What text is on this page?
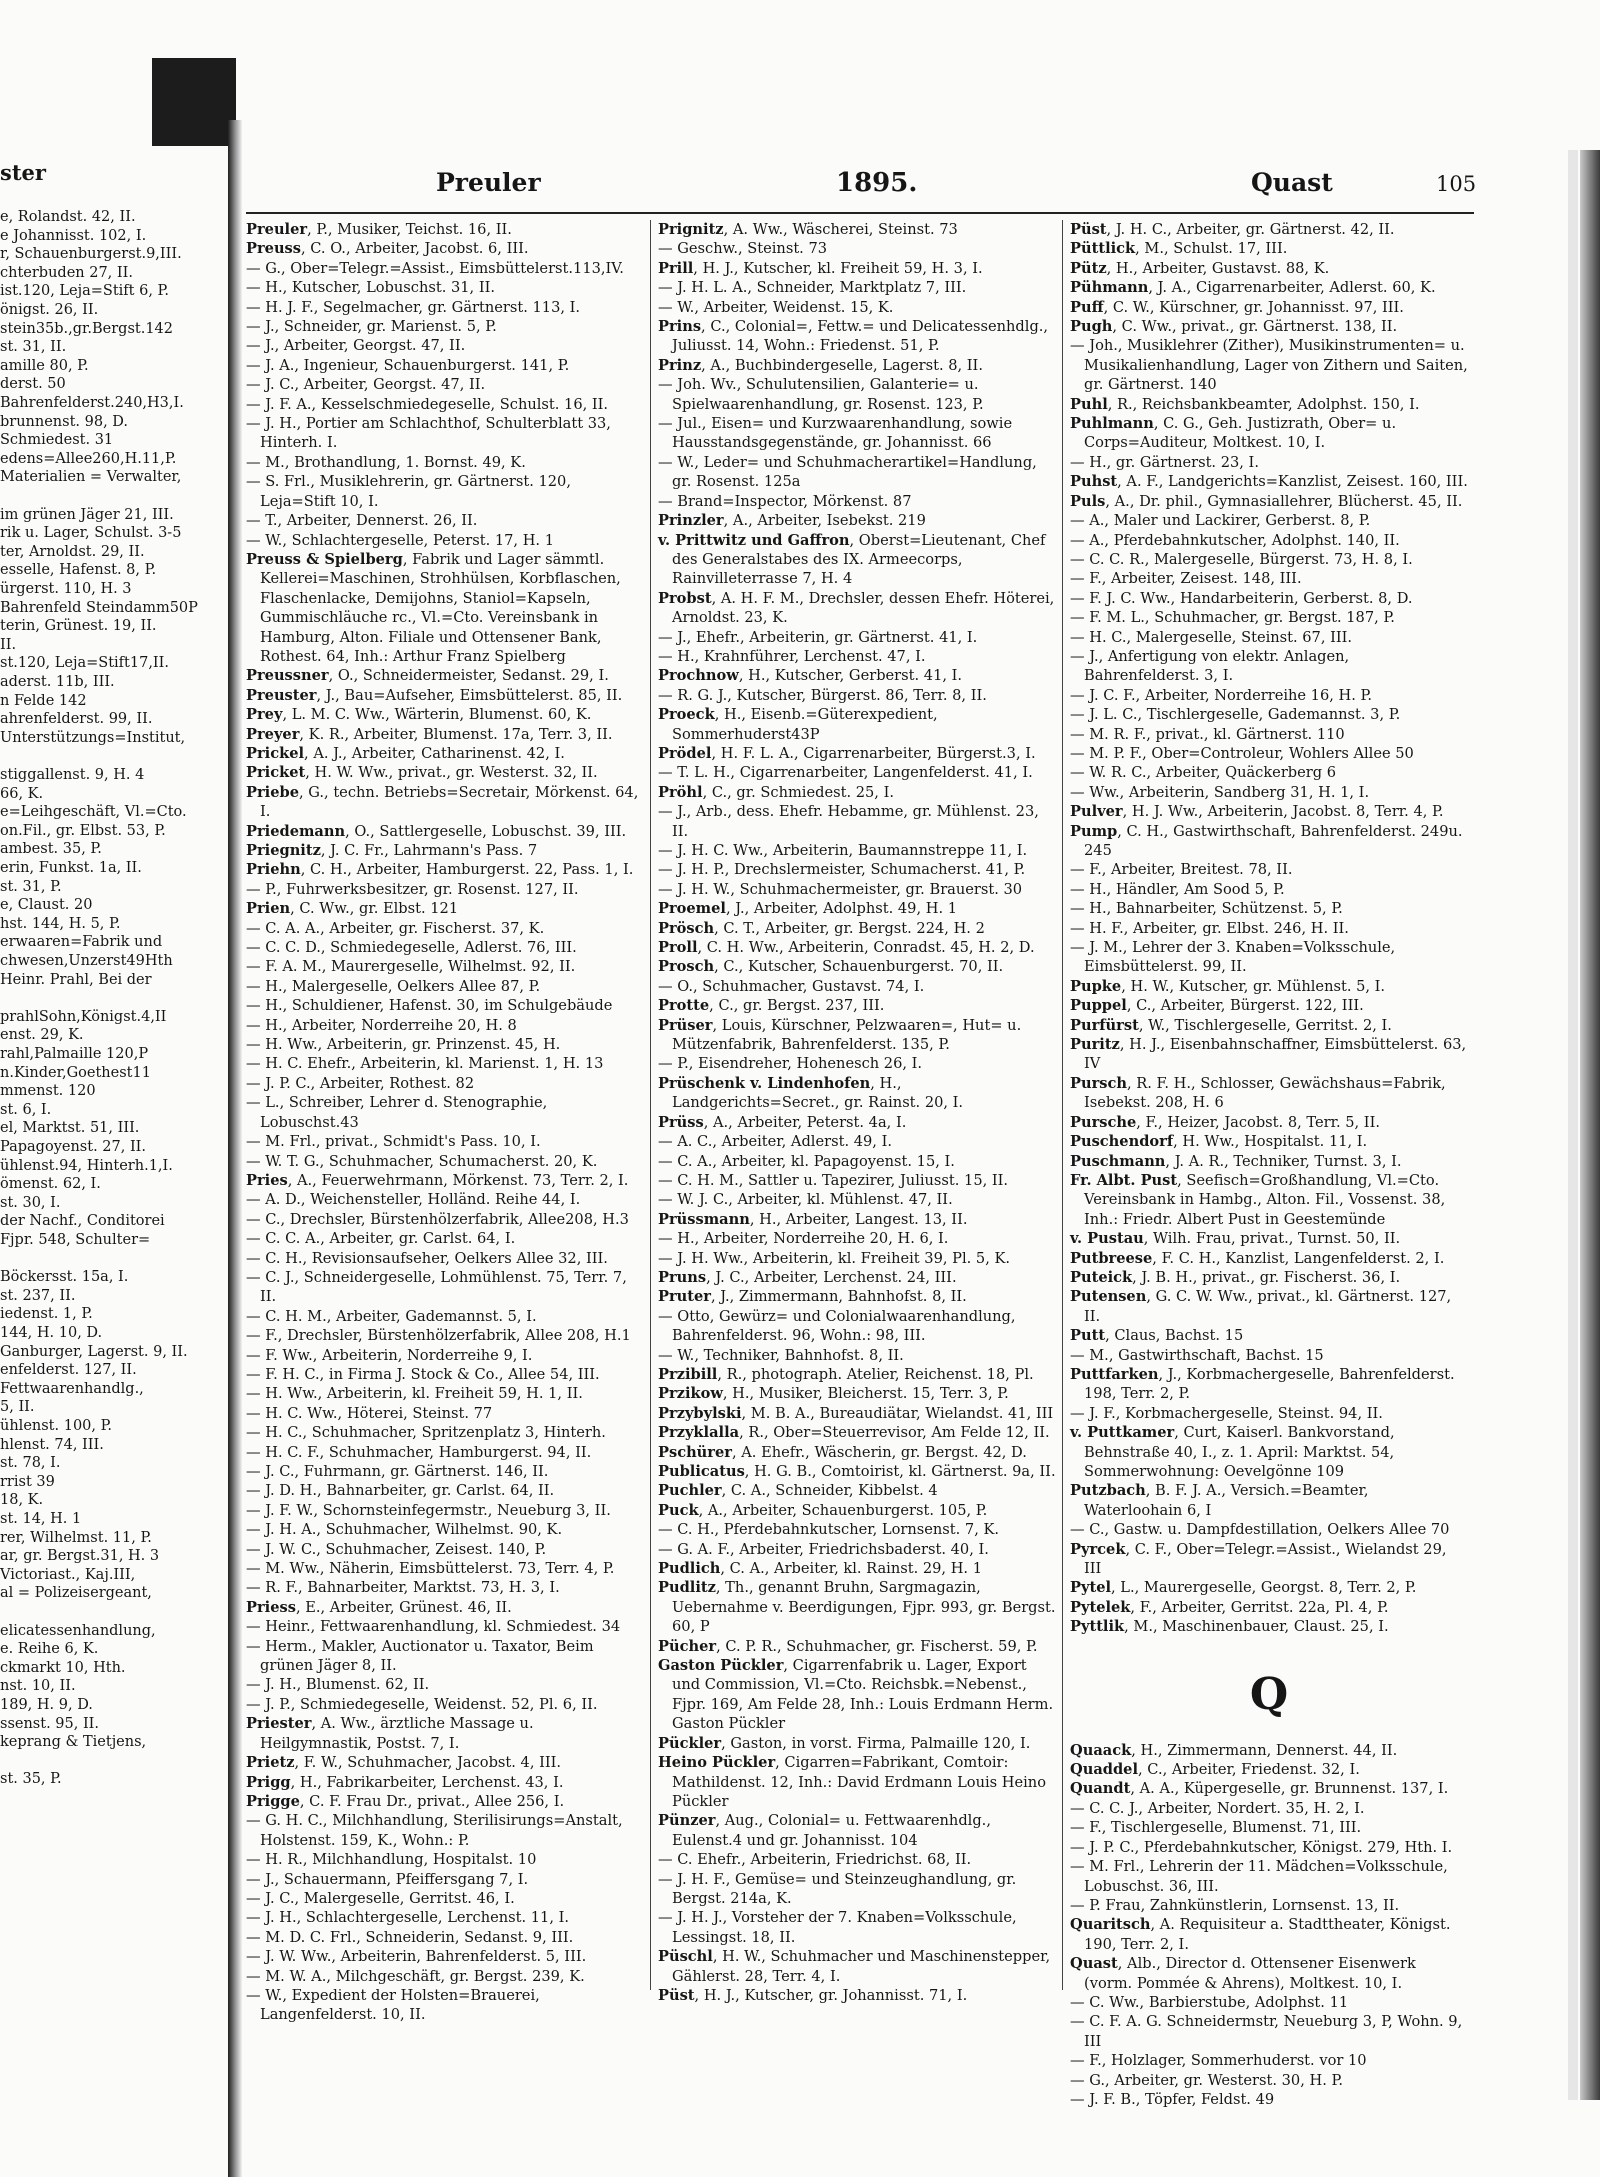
ster
e, Rolandst. 42, II.
e Johannisst. 102, I.
r, Schauenburgerst.9,III.
chterbuden 27, II.
ist.120, Leja=Stift 6, P.
önigst. 26, II.
stein35b.,gr.Bergst.142
st. 31, II.
amille 80, P.
derst. 50
Bahrenfelderst.240,H3,I.
brunnenst. 98, D.
Schmiedest. 31
edens=Allee260,H.11,P.
Materialien = Verwalter,
im grünen Jäger 21, III.
rik u. Lager, Schulst. 3-5
ter, Arnoldst. 29, II.
esselle, Hafenst. 8, P.
ürgerst. 110, H. 3
Bahrenfeld Steindamm50P
terin, Grünest. 19, II.
II.
st.120, Leja=Stift17,II.
aderst. 11b, III.
n Felde 142
ahrenfelderst. 99, II.
Unterstützungs=Institut,
stiggallenst. 9, H. 4
66, K.
e=Leihgeschäft, Vl.=Cto.
on.Fil., gr. Elbst. 53, P.
ambest. 35, P.
erin, Funkst. 1a, II.
st. 31, P.
e, Claust. 20
hst. 144, H. 5, P.
erwaaren=Fabrik und
chwesen,Unzerst49Hth
Heinr. Prahl, Bei der
prahlSohn,Königst.4,II
enst. 29, K.
rahl,Palmaille 120,P
n.Kinder,Goethest11
mmenst. 120
st. 6, I.
el, Marktst. 51, III.
Papagoyenst. 27, II.
ühlenst.94, Hinterh.1,I.
ömenst. 62, I.
st. 30, I.
der Nachf., Conditorei
Fjpr. 548, Schulter=
Böckersst. 15a, I.
st. 237, II.
iedenst. 1, P.
144, H. 10, D.
Ganburger, Lagerst. 9, II.
enfelderst. 127, II.
Fettwaarenhandlg.,
5, II.
ühlenst. 100, P.
hlenst. 74, III.
st. 78, I.
rrist 39
18, K.
st. 14, H. 1
rer, Wilhelmst. 11, P.
ar, gr. Bergst.31, H. 3
Victoriast., Kaj.III,
al = Polizeisergeant,
elicatessenhandlung,
e. Reihe 6, K.
ckmarkt 10, Hth.
nst. 10, II.
189, H. 9, D.
ssenst. 95, II.
keprang & Tietjens,
st. 35, P.
Preuler	1895.	Quast	105

Preuler, P., Musiker, Teichst. 16, II.

Preuss, C. O., Arbeiter, Jacobst. 6, III.

— G., Ober=Telegr.=Assist., Eimsbüttelerst.113,IV.

— H., Kutscher, Lobuschst. 31, II.

— H. J. F., Segelmacher, gr. Gärtnerst. 113, I.

— J., Schneider, gr. Marienst. 5, P.

— J., Arbeiter, Georgst. 47, II.

— J. A., Ingenieur, Schauenburgerst. 141, P.

— J. C., Arbeiter, Georgst. 47, II.

— J. F. A., Kesselschmiedegeselle, Schulst. 16, II.

— J. H., Portier am Schlachthof, Schulterblatt 33, Hinterh. I.

— M., Brothandlung, 1. Bornst. 49, K.

— S. Frl., Musiklehrerin, gr. Gärtnerst. 120, Leja=Stift 10, I.

— T., Arbeiter, Dennerst. 26, II.

— W., Schlachtergeselle, Peterst. 17, H. 1

Preuss & Spielberg, Fabrik und Lager sämmtl. Kellerei=Maschinen, Strohhülsen, Korbflaschen, Flaschenlacke, Demijohns, Staniol=Kapseln, Gummischläuche rc., Vl.=Cto. Vereinsbank in Hamburg, Alton. Filiale und Ottensener Bank, Rothest. 64, Inh.: Arthur Franz Spielberg

Preussner, O., Schneidermeister, Sedanst. 29, I.

Preuster, J., Bau=Aufseher, Eimsbüttelerst. 85, II.

Prey, L. M. C. Ww., Wärterin, Blumenst. 60, K.

Preyer, K. R., Arbeiter, Blumenst. 17a, Terr. 3, II.

Prickel, A. J., Arbeiter, Catharinenst. 42, I.

Pricket, H. W. Ww., privat., gr. Westerst. 32, II.

Priebe, G., techn. Betriebs=Secretair, Mörkenst. 64, I.

Priedemann, O., Sattlergeselle, Lobuschst. 39, III.

Priegnitz, J. C. Fr., Lahrmann's Pass. 7

Priehn, C. H., Arbeiter, Hamburgerst. 22, Pass. 1, I.

— P., Fuhrwerksbesitzer, gr. Rosenst. 127, II.

Prien, C. Ww., gr. Elbst. 121

— C. A. A., Arbeiter, gr. Fischerst. 37, K.

— C. C. D., Schmiedegeselle, Adlerst. 76, III.

— F. A. M., Maurergeselle, Wilhelmst. 92, II.

— H., Malergeselle, Oelkers Allee 87, P.

— H., Schuldiener, Hafenst. 30, im Schulgebäude

— H., Arbeiter, Norderreihe 20, H. 8

— H. Ww., Arbeiterin, gr. Prinzenst. 45, H.

— H. C. Ehefr., Arbeiterin, kl. Marienst. 1, H. 13

— J. P. C., Arbeiter, Rothest. 82

— L., Schreiber, Lehrer d. Stenographie, Lobuschst.43

— M. Frl., privat., Schmidt's Pass. 10, I.

— W. T. G., Schuhmacher, Schumacherst. 20, K.

Pries, A., Feuerwehrmann, Mörkenst. 73, Terr. 2, I.

— A. D., Weichensteller, Holländ. Reihe 44, I.

— C., Drechsler, Bürstenhölzerfabrik, Allee208, H.3

— C. C. A., Arbeiter, gr. Carlst. 64, I.

— C. H., Revisionsaufseher, Oelkers Allee 32, III.

— C. J., Schneidergesellе, Lohmühlenst. 75, Terr. 7, II.

— C. H. M., Arbeiter, Gademannst. 5, I.

— F., Drechsler, Bürstenhölzerfabrik, Allee 208, H.1

— F. Ww., Arbeiterin, Norderreihe 9, I.

— F. H. C., in Firma J. Stock & Co., Allee 54, III.

— H. Ww., Arbeiterin, kl. Freiheit 59, H. 1, II.

— H. C. Ww., Höterei, Steinst. 77

— H. C., Schuhmacher, Spritzenplatz 3, Hinterh.

— H. C. F., Schuhmacher, Hamburgerst. 94, II.

— J. C., Fuhrmann, gr. Gärtnerst. 146, II.

— J. D. H., Bahnarbeiter, gr. Carlst. 64, II.

— J. F. W., Schornsteinfegermstr., Neueburg 3, II.

— J. H. A., Schuhmacher, Wilhelmst. 90, K.

— J. W. C., Schuhmacher, Zeisest. 140, P.

— M. Ww., Näherin, Eimsbüttelerst. 73, Terr. 4, P.

— R. F., Bahnarbeiter, Marktst. 73, H. 3, I.

Priess, E., Arbeiter, Grünest. 46, II.

— Heinr., Fettwaarenhandlung, kl. Schmiedest. 34

— Herm., Makler, Auctionator u. Taxator, Beim grünen Jäger 8, II.

— J. H., Blumenst. 62, II.

— J. P., Schmiedegeselle, Weidenst. 52, Pl. 6, II.

Priester, A. Ww., ärztliche Massage u. Heilgymnastik, Postst. 7, I.

Prietz, F. W., Schuhmacher, Jacobst. 4, III.

Prigg, H., Fabrikarbeiter, Lerchenst. 43, I.

Prigge, C. F. Frau Dr., privat., Allee 256, I.

— G. H. C., Milchhandlung, Sterilisirungs=Anstalt, Holstenst. 159, K., Wohn.: P.

— H. R., Milchhandlung, Hospitalst. 10

— J., Schauermann, Pfeiffersgang 7, I.

— J. C., Malergeselle, Gerritst. 46, I.

— J. H., Schlachtergeselle, Lerchenst. 11, I.

— M. D. C. Frl., Schneiderin, Sedanst. 9, III.

— J. W. Ww., Arbeiterin, Bahrenfelderst. 5, III.

— M. W. A., Milchgeschäft, gr. Bergst. 239, K.

— W., Expedient der Holsten=Brauerei, Langenfelderst. 10, II.

Prignitz, A. Ww., Wäscherei, Steinst. 73

— Geschw., Steinst. 73

Prill, H. J., Kutscher, kl. Freiheit 59, H. 3, I.

— J. H. L. A., Schneider, Marktplatz 7, III.

— W., Arbeiter, Weidenst. 15, K.

Prins, C., Colonial=, Fettw.= und Delicatessenhdlg., Juliusst. 14, Wohn.: Friedenst. 51, P.

Prinz, A., Buchbindergeselle, Lagerst. 8, II.

— Joh. Wv., Schulutensilien, Galanterie= u. Spielwaarenhandlung, gr. Rosenst. 123, P.

— Jul., Eisen= und Kurzwaarenhandlung, sowie Hausstandsgegenstände, gr. Johannisst. 66

— W., Leder= und Schuhmacherartikel=Handlung, gr. Rosenst. 125a

— Brand=Inspector, Mörkenst. 87

Prinzler, A., Arbeiter, Isebekst. 219

v. Prittwitz und Gaffron, Oberst=Lieutenant, Chef des Generalstabes des IX. Armeecorps, Rainvilleterrasse 7, H. 4

Probst, A. H. F. M., Drechsler, dessen Ehefr. Höterei, Arnoldst. 23, K.

— J., Ehefr., Arbeiterin, gr. Gärtnerst. 41, I.

— H., Krahnführer, Lerchenst. 47, I.

Prochnow, H., Kutscher, Gerberst. 41, I.

— R. G. J., Kutscher, Bürgerst. 86, Terr. 8, II.

Proeck, H., Eisenb.=Güterexpedient, Sommerhuderst43P

Prödel, H. F. L. A., Cigarrenarbeiter, Bürgerst.3, I.

— T. L. H., Cigarrenarbeiter, Langenfelderst. 41, I.

Pröhl, C., gr. Schmiedest. 25, I.

— J., Arb., dess. Ehefr. Hebamme, gr. Mühlenst. 23, II.

— J. H. C. Ww., Arbeiterin, Baumannstreppe 11, I.

— J. H. P., Drechslermeister, Schumacherst. 41, P.

— J. H. W., Schuhmachermeister, gr. Brauerst. 30

Proemel, J., Arbeiter, Adolphst. 49, H. 1

Prösch, C. T., Arbeiter, gr. Bergst. 224, H. 2

Proll, C. H. Ww., Arbeiterin, Conradst. 45, H. 2, D.

Prosch, C., Kutscher, Schauenburgerst. 70, II.

— O., Schuhmacher, Gustavst. 74, I.

Protte, C., gr. Bergst. 237, III.

Prüser, Louis, Kürschner, Pelzwaaren=, Hut= u. Mützenfabrik, Bahrenfelderst. 135, P.

— P., Eisendreher, Hohenesch 26, I.

Prüschenk v. Lindenhofen, H., Landgerichts=Secret., gr. Rainst. 20, I.

Prüss, A., Arbeiter, Peterst. 4a, I.

— A. C., Arbeiter, Adlerst. 49, I.

— C. A., Arbeiter, kl. Papagoyenst. 15, I.

— C. H. M., Sattler u. Tapezirer, Juliusst. 15, II.

— W. J. C., Arbeiter, kl. Mühlenst. 47, II.

Prüssmann, H., Arbeiter, Langest. 13, II.

— H., Arbeiter, Norderreihe 20, H. 6, I.

— J. H. Ww., Arbeiterin, kl. Freiheit 39, Pl. 5, K.

Pruns, J. C., Arbeiter, Lerchenst. 24, III.

Pruter, J., Zimmermann, Bahnhofst. 8, II.

— Otto, Gewürz= und Colonialwaarenhandlung, Bahrenfelderst. 96, Wohn.: 98, III.

— W., Techniker, Bahnhofst. 8, II.

Przibill, R., photograph. Atelier, Reichenst. 18, Pl.

Przikow, H., Musiker, Bleicherst. 15, Terr. 3, P.

Przybylski, M. B. A., Bureaudiätar, Wielandst. 41, III

Przyklalla, R., Ober=Steuerrevisor, Am Felde 12, II.

Pschürer, A. Ehefr., Wäscherin, gr. Bergst. 42, D.

Publicatus, H. G. B., Comtoirist, kl. Gärtnerst. 9a, II.

Puchler, C. A., Schneider, Kibbelst. 4

Puck, A., Arbeiter, Schauenburgerst. 105, P.

— C. H., Pferdebahnkutscher, Lornsenst. 7, K.

— G. A. F., Arbeiter, Friedrichsbaderst. 40, I.

Pudlich, C. A., Arbeiter, kl. Rainst. 29, H. 1

Pudlitz, Th., genannt Bruhn, Sargmagazin, Uebernahme v. Beerdigungen, Fjpr. 993, gr. Bergst. 60, P

Pücher, C. P. R., Schuhmacher, gr. Fischerst. 59, P.

Gaston Pückler, Cigarrenfabrik u. Lager, Export und Commission, Vl.=Cto. Reichsbk.=Nebenst., Fjpr. 169, Am Felde 28, Inh.: Louis Erdmann Herm. Gaston Pückler

Pückler, Gaston, in vorst. Firma, Palmaille 120, I.

Heino Pückler, Cigarren=Fabrikant, Comtoir: Mathildenst. 12, Inh.: David Erdmann Louis Heino Pückler

Pünzer, Aug., Colonial= u. Fettwaarenhdlg., Eulenst.4 und gr. Johannisst. 104

— C. Ehefr., Arbeiterin, Friedrichst. 68, II.

— J. H. F., Gemüse= und Steinzeughandlung, gr. Bergst. 214a, K.

— J. H. J., Vorsteher der 7. Knaben=Volksschule, Lessingst. 18, II.

Püschl, H. W., Schuhmacher und Maschinenstepper, Gählerst. 28, Terr. 4, I.

Püst, H. J., Kutscher, gr. Johannisst. 71, I.

Püst, J. H. C., Arbeiter, gr. Gärtnerst. 42, II.

Püttlick, M., Schulst. 17, III.

Pütz, H., Arbeiter, Gustavst. 88, K.

Pühmann, J. A., Cigarrenarbeiter, Adlerst. 60, K.

Puff, C. W., Kürschner, gr. Johannisst. 97, III.

Pugh, C. Ww., privat., gr. Gärtnerst. 138, II.

— Joh., Musiklehrer (Zither), Musikinstrumenten= u. Musikalienhandlung, Lager von Zithern und Saiten, gr. Gärtnerst. 140

Puhl, R., Reichsbankbeamter, Adolphst. 150, I.

Puhlmann, C. G., Geh. Justizrath, Ober= u. Corps=Auditeur, Moltkest. 10, I.

— H., gr. Gärtnerst. 23, I.

Puhst, A. F., Landgerichts=Kanzlist, Zeisest. 160, III.

Puls, A., Dr. phil., Gymnasiallehrer, Blücherst. 45, II.

— A., Maler und Lackirer, Gerberst. 8, P.

— A., Pferdebahnkutscher, Adolphst. 140, II.

— C. C. R., Malergeselle, Bürgerst. 73, H. 8, I.

— F., Arbeiter, Zeisest. 148, III.

— F. J. C. Ww., Handarbeiterin, Gerberst. 8, D.

— F. M. L., Schuhmacher, gr. Bergst. 187, P.

— H. C., Malergeselle, Steinst. 67, III.

— J., Anfertigung von elektr. Anlagen, Bahrenfelderst. 3, I.

— J. C. F., Arbeiter, Norderreihe 16, H. P.

— J. L. C., Tischlergeselle, Gademannst. 3, P.

— M. R. F., privat., kl. Gärtnerst. 110

— M. P. F., Ober=Controleur, Wohlers Allee 50

— W. R. C., Arbeiter, Quäckerberg 6

— Ww., Arbeiterin, Sandberg 31, H. 1, I.

Pulver, H. J. Ww., Arbeiterin, Jacobst. 8, Terr. 4, P.

Pump, C. H., Gastwirthschaft, Bahrenfelderst. 249u. 245

— F., Arbeiter, Breitest. 78, II.

— H., Händler, Am Sood 5, P.

— H., Bahnarbeiter, Schützenst. 5, P.

— H. F., Arbeiter, gr. Elbst. 246, H. II.

— J. M., Lehrer der 3. Knaben=Volksschule, Eimsbüttelerst. 99, II.

Pupke, H. W., Kutscher, gr. Mühlenst. 5, I.

Puppel, C., Arbeiter, Bürgerst. 122, III.

Purfürst, W., Tischlergeselle, Gerritst. 2, I.

Puritz, H. J., Eisenbahnschaffner, Eimsbüttelerst. 63, IV

Pursch, R. F. H., Schlosser, Gewächshaus=Fabrik, Isebekst. 208, H. 6

Pursche, F., Heizer, Jacobst. 8, Terr. 5, II.

Puschendorf, H. Ww., Hospitalst. 11, I.

Puschmann, J. A. R., Techniker, Turnst. 3, I.

Fr. Albt. Pust, Seefisch=Großhandlung, Vl.=Cto. Vereinsbank in Hambg., Alton. Fil., Vossenst. 38, Inh.: Friedr. Albert Pust in Geestemünde

v. Pustau, Wilh. Frau, privat., Turnst. 50, II.

Putbreese, F. C. H., Kanzlist, Langenfelderst. 2, I.

Puteick, J. B. H., privat., gr. Fischerst. 36, I.

Putensen, G. C. W. Ww., privat., kl. Gärtnerst. 127, II.

Putt, Claus, Bachst. 15

— M., Gastwirthschaft, Bachst. 15

Puttfarken, J., Korbmachergesellе, Bahrenfelderst. 198, Terr. 2, P.

— J. F., Korbmachergeselle, Steinst. 94, II.

v. Puttkamer, Curt, Kaiserl. Bankvorstand, Behnstraße 40, I., z. 1. April: Marktst. 54, Sommerwohnung: Oevelgönne 109

Putzbach, B. F. J. A., Versich.=Beamter, Waterloohain 6, I

— C., Gastw. u. Dampfdestillation, Oelkers Allee 70

Pyrcek, C. F., Ober=Telegr.=Assist., Wielandst 29, III

Pytel, L., Maurergeselle, Georgst. 8, Terr. 2, P.

Pytelek, F., Arbeiter, Gerritst. 22a, Pl. 4, P.

Pyttlik, M., Maschinenbauer, Claust. 25, I.

Q

Quaack, H., Zimmermann, Dennerst. 44, II.

Quaddel, C., Arbeiter, Friedenst. 32, I.

Quandt, A. A., Küpergeselle, gr. Brunnenst. 137, I.

— C. C. J., Arbeiter, Nordert. 35, H. 2, I.

— F., Tischlergeselle, Blumenst. 71, III.

— J. P. C., Pferdebahnkutscher, Königst. 279, Hth. I.

— M. Frl., Lehrerin der 11. Mädchen=Volksschule, Lobuschst. 36, III.

— P. Frau, Zahnkünstlerin, Lornsenst. 13, II.

Quaritsch, A. Requisiteur a. Stadttheater, Königst. 190, Terr. 2, I.

Quast, Alb., Director d. Ottensener Eisenwerk (vorm. Pommée & Ahrens), Moltkest. 10, I.

— C. Ww., Barbierstube, Adolphst. 11

— C. F. A. G. Schneidermstr, Neueburg 3, P, Wohn. 9, III

— F., Holzlager, Sommerhuderst. vor 10

— G., Arbeiter, gr. Westerst. 30, H. P.

— J. F. B., Töpfer, Feldst. 49
